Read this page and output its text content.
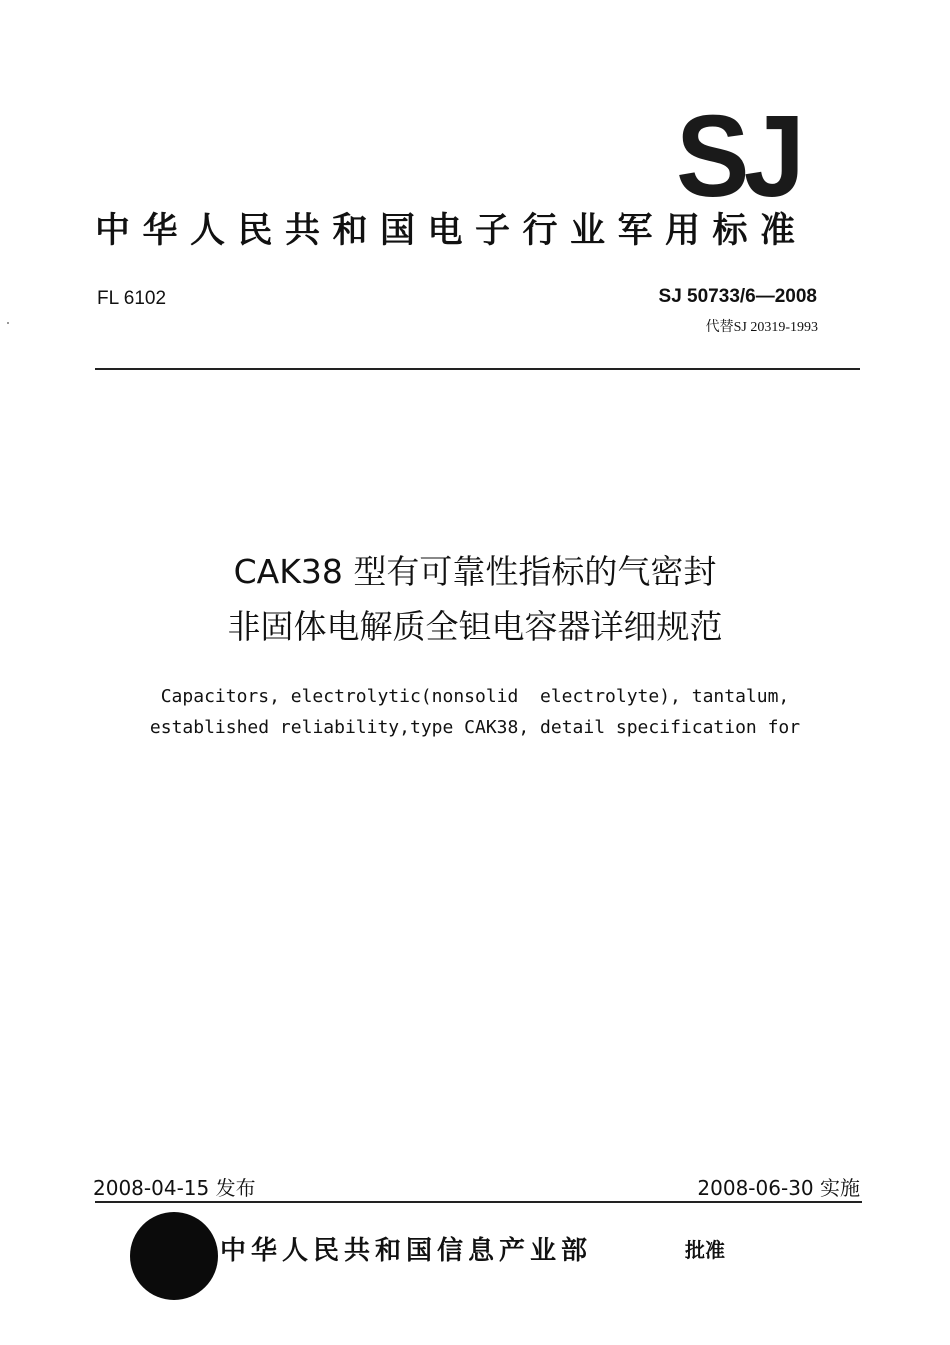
SJ
中华人民共和国电子行业军用标准
FL 6102	SJ 50733/6—2008
代替SJ 20319-1993
CAK38 型有可靠性指标的气密封
非固体电解质全钽电容器详细规范
Capacitors, electrolytic(nonsolid  electrolyte), tantalum,
established reliability,type CAK38, detail specification for
2008-04-15 发布	2008-06-30 实施
中华人民共和国信息产业部	批准
